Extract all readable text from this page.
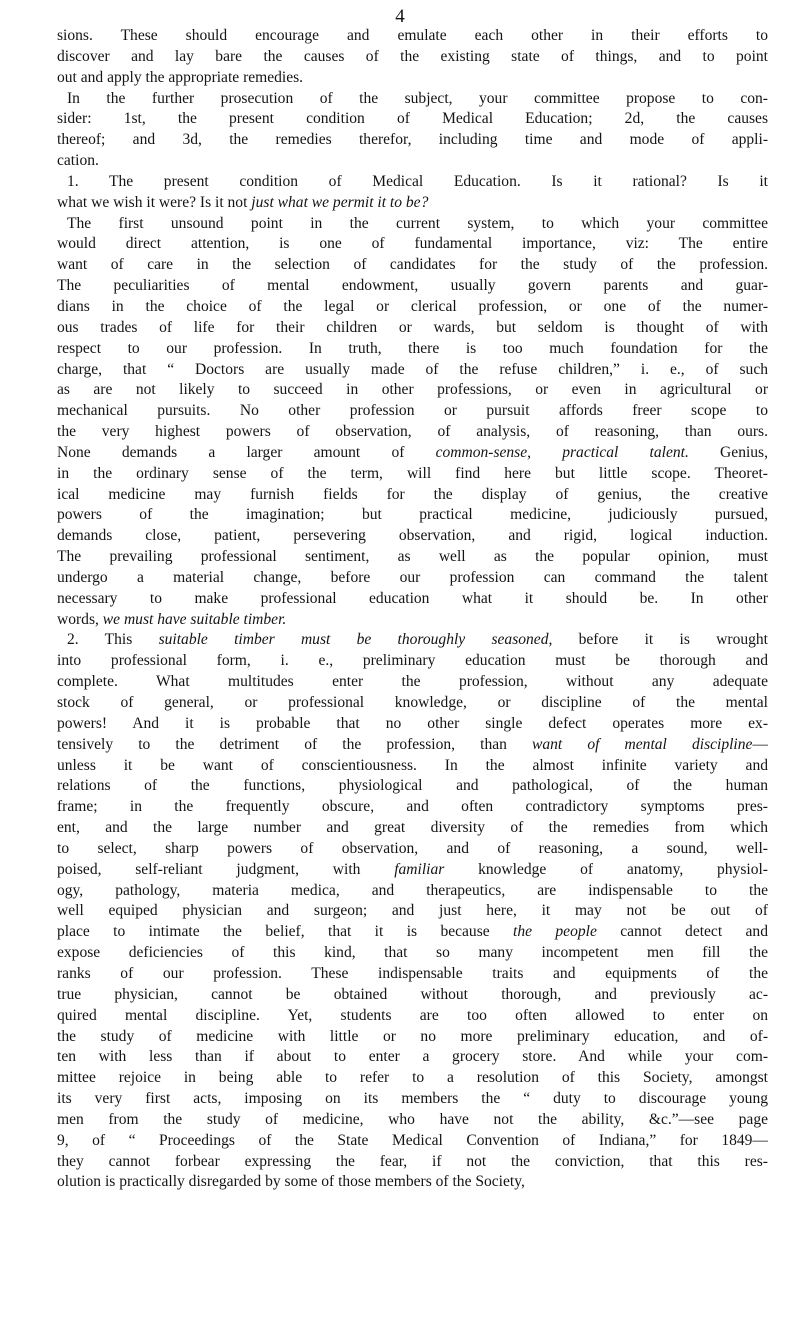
4
sions. These should encourage and emulate each other in their efforts to
discover and lay bare the causes of the existing state of things, and to point
out and apply the appropriate remedies.
In the further prosecution of the subject, your committee propose to con-
sider: 1st, the present condition of Medical Education; 2d, the causes
thereof; and 3d, the remedies therefor, including time and mode of appli-
cation.
1. The present condition of Medical Education. Is it rational? Is it
what we wish it were? Is it not just what we permit it to be?
The first unsound point in the current system, to which your committee
would direct attention, is one of fundamental importance, viz: The entire
want of care in the selection of candidates for the study of the profession.
The peculiarities of mental endowment, usually govern parents and guar-
dians in the choice of the legal or clerical profession, or one of the numer-
ous trades of life for their children or wards, but seldom is thought of with
respect to our profession. In truth, there is too much foundation for the
charge, that “ Doctors are usually made of the refuse children,” i. e., of such
as are not likely to succeed in other professions, or even in agricultural or
mechanical pursuits. No other profession or pursuit affords freer scope to
the very highest powers of observation, of analysis, of reasoning, than ours.
None demands a larger amount of common-sense, practical talent. Genius,
in the ordinary sense of the term, will find here but little scope. Theoret-
ical medicine may furnish fields for the display of genius, the creative
powers of the imagination; but practical medicine, judiciously pursued,
demands close, patient, persevering observation, and rigid, logical induction.
The prevailing professional sentiment, as well as the popular opinion, must
undergo a material change, before our profession can command the talent
necessary to make professional education what it should be. In other
words, we must have suitable timber.
2. This suitable timber must be thoroughly seasoned, before it is wrought
into professional form, i. e., preliminary education must be thorough and
complete. What multitudes enter the profession, without any adequate
stock of general, or professional knowledge, or discipline of the mental
powers! And it is probable that no other single defect operates more ex-
tensively to the detriment of the profession, than want of mental discipline—
unless it be want of conscientiousness. In the almost infinite variety and
relations of the functions, physiological and pathological, of the human
frame; in the frequently obscure, and often contradictory symptoms pres-
ent, and the large number and great diversity of the remedies from which
to select, sharp powers of observation, and of reasoning, a sound, well-
poised, self-reliant judgment, with familiar knowledge of anatomy, physiol-
ogy, pathology, materia medica, and therapeutics, are indispensable to the
well equiped physician and surgeon; and just here, it may not be out of
place to intimate the belief, that it is because the people cannot detect and
expose deficiencies of this kind, that so many incompetent men fill the
ranks of our profession. These indispensable traits and equipments of the
true physician, cannot be obtained without thorough, and previously ac-
quired mental discipline. Yet, students are too often allowed to enter on
the study of medicine with little or no more preliminary education, and of-
ten with less than if about to enter a grocery store. And while your com-
mittee rejoice in being able to refer to a resolution of this Society, amongst
its very first acts, imposing on its members the “ duty to discourage young
men from the study of medicine, who have not the ability, &c.”—see page
9, of “ Proceedings of the State Medical Convention of Indiana,” for 1849—
they cannot forbear expressing the fear, if not the conviction, that this res-
olution is practically disregarded by some of those members of the Society,
